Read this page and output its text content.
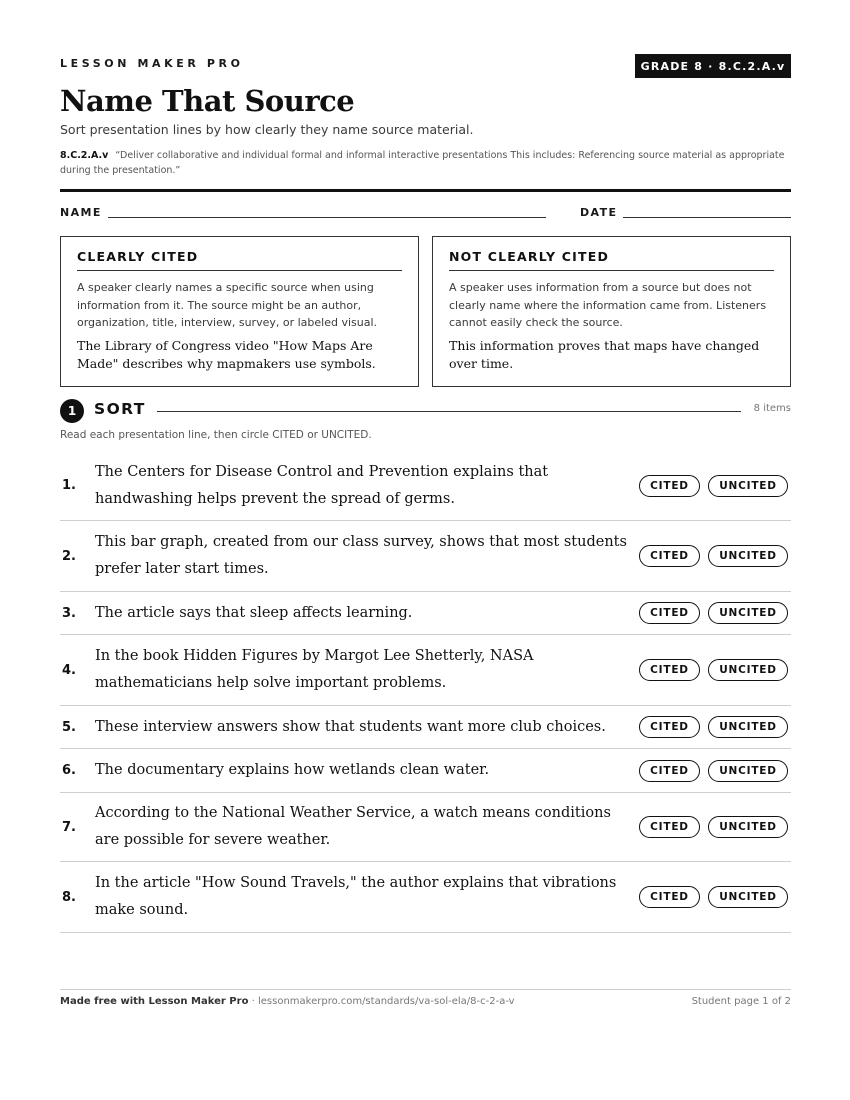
LESSON MAKER PRO	GRADE 8 · 8.C.2.A.v
Name That Source
Sort presentation lines by how clearly they name source material.
8.C.2.A.v “Deliver collaborative and individual formal and informal interactive presentations This includes: Referencing source material as appropriate during the presentation.”
NAME	DATE
CLEARLY CITED
A speaker clearly names a specific source when using information from it. The source might be an author, organization, title, interview, survey, or labeled visual.
The Library of Congress video "How Maps Are Made" describes why mapmakers use symbols.
NOT CLEARLY CITED
A speaker uses information from a source but does not clearly name where the information came from. Listeners cannot easily check the source.
This information proves that maps have changed over time.
1	SORT	8 items
Read each presentation line, then circle CITED or UNCITED.
1.
The Centers for Disease Control and Prevention explains that handwashing helps prevent the spread of germs.
CITED	UNCITED
2.
This bar graph, created from our class survey, shows that most students prefer later start times.
CITED	UNCITED
3. The article says that sleep affects learning.	CITED	UNCITED
4.
In the book Hidden Figures by Margot Lee Shetterly, NASA mathematicians help solve important problems.
CITED	UNCITED
5. These interview answers show that students want more club choices.	CITED	UNCITED
6. The documentary explains how wetlands clean water.	CITED	UNCITED
7.
According to the National Weather Service, a watch means conditions are possible for severe weather.
CITED	UNCITED
8.
In the article "How Sound Travels," the author explains that vibrations make sound.
CITED	UNCITED
Made free with Lesson Maker Pro · lessonmakerpro.com/standards/va-sol-ela/8-c-2-a-v	Student page 1 of 2
